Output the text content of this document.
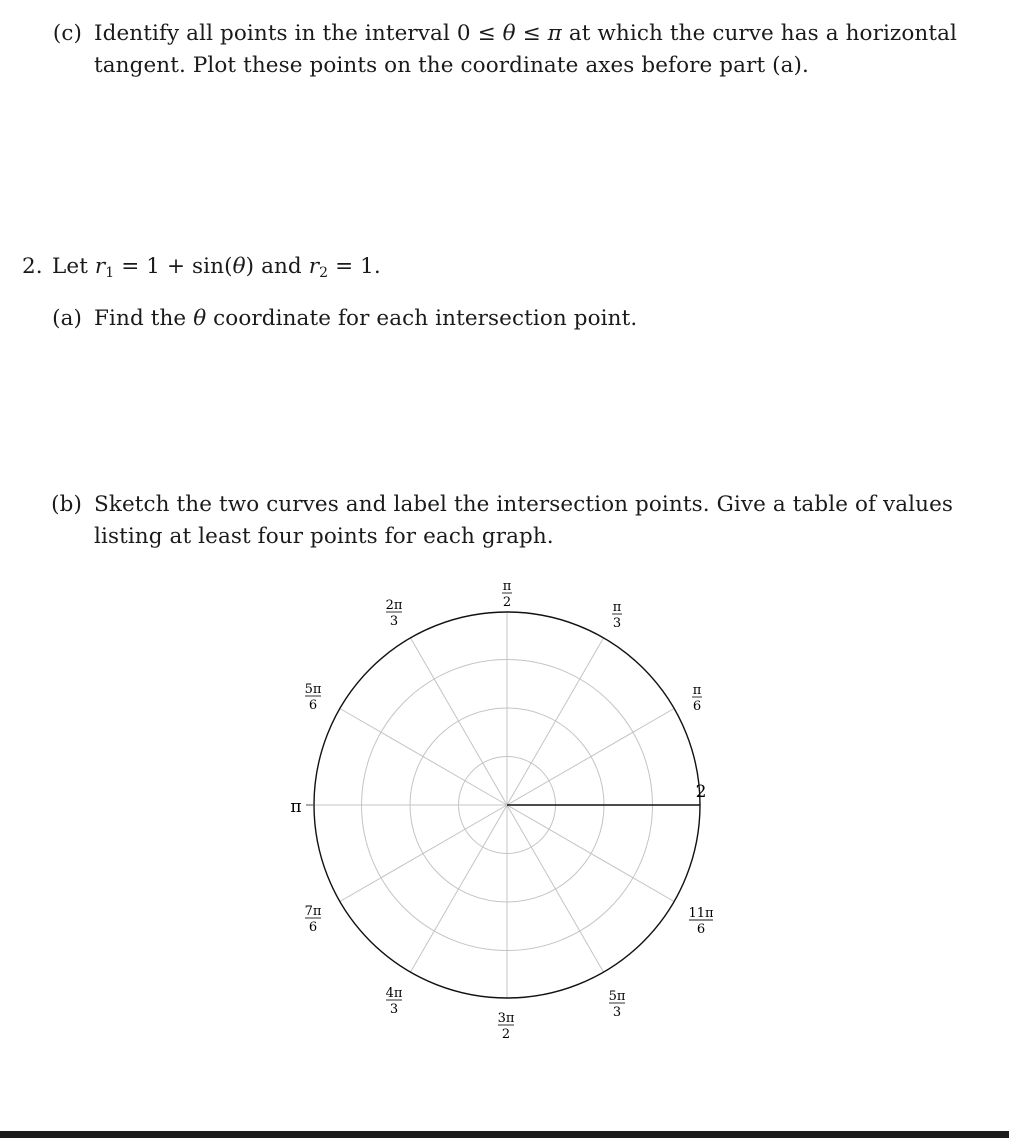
(c) Identify all points in the interval 0 ≤ θ ≤ π at which the curve has a horizontal
tangent. Plot these points on the coordinate axes before part (a).
2. Let $r_1 = 1 + \sin(\theta)$ and $r_2 = 1$.
(a) Find the θ coordinate for each intersection point.
(b) Sketch the two curves and label the intersection points. Give a table of values
listing at least four points for each graph.
2
π
2	π
3
π
6
11π
6
5π
3
3π
2
4π
3
7π
6
π
5π
6
2π
3
